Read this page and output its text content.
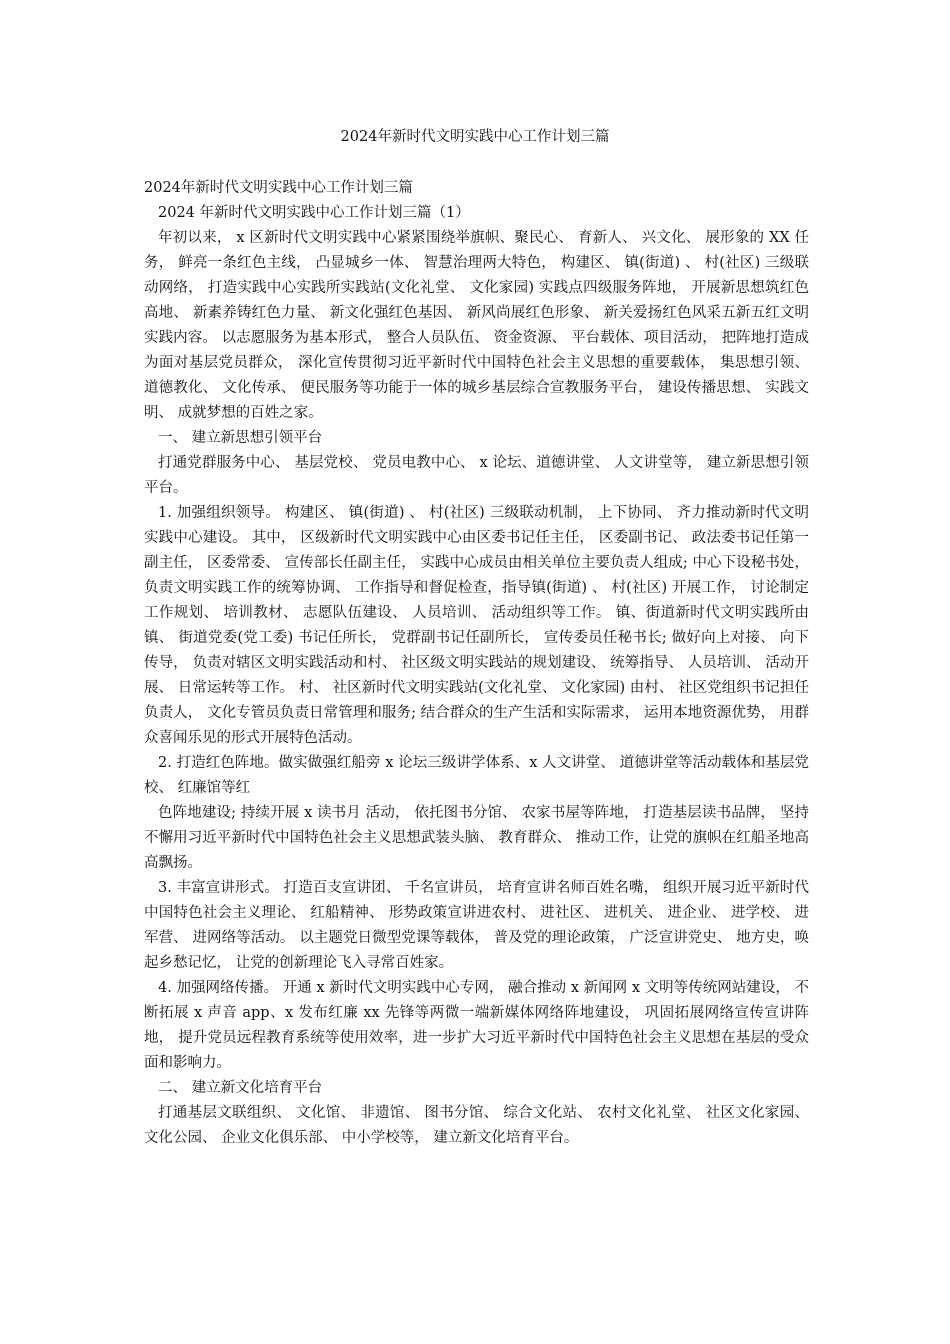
2024年新时代文明实践中心工作计划三篇

2024年新时代文明实践中心工作计划三篇

2024 年新时代文明实践中心工作计划三篇（1）

年初以来， x 区新时代文明实践中心紧紧围绕举旗帜、聚民心、 育新人、 兴文化、 展形象的 XX 任务， 鲜亮一条红色主线， 凸显城乡一体、 智慧治理两大特色， 构建区、 镇(街道) 、 村(社区) 三级联动网络， 打造实践中心实践所实践站(文化礼堂、 文化家园) 实践点四级服务阵地， 开展新思想筑红色高地、 新素养铸红色力量、 新文化强红色基因、 新风尚展红色形象、 新关爱扬红色风采五新五红文明实践内容。 以志愿服务为基本形式， 整合人员队伍、 资金资源、 平台载体、项目活动， 把阵地打造成为面对基层党员群众， 深化宣传贯彻习近平新时代中国特色社会主义思想的重要载体， 集思想引领、 道德教化、 文化传承、 便民服务等功能于一体的城乡基层综合宣教服务平台， 建设传播思想、 实践文明、 成就梦想的百姓之家。

一、 建立新思想引领平台

打通党群服务中心、 基层党校、 党员电教中心、 x 论坛、道德讲堂、 人文讲堂等， 建立新思想引领平台。

1. 加强组织领导。 构建区、 镇(街道) 、 村(社区) 三级联动机制， 上下协同、 齐力推动新时代文明实践中心建设。 其中， 区级新时代文明实践中心由区委书记任主任， 区委副书记、 政法委书记任第一副主任， 区委常委、 宣传部长任副主任， 实践中心成员由相关单位主要负责人组成; 中心下设秘书处， 负责文明实践工作的统筹协调、 工作指导和督促检查，指导镇(街道) 、 村(社区) 开展工作， 讨论制定工作规划、 培训教材、 志愿队伍建设、 人员培训、 活动组织等工作。 镇、街道新时代文明实践所由镇、 街道党委(党工委) 书记任所长， 党群副书记任副所长， 宣传委员任秘书长; 做好向上对接、 向下传导， 负责对辖区文明实践活动和村、 社区级文明实践站的规划建设、 统筹指导、 人员培训、 活动开展、 日常运转等工作。 村、 社区新时代文明实践站(文化礼堂、 文化家园) 由村、 社区党组织书记担任负责人， 文化专管员负责日常管理和服务; 结合群众的生产生活和实际需求， 运用本地资源优势， 用群众喜闻乐见的形式开展特色活动。

2. 打造红色阵地。做实做强红船旁 x 论坛三级讲学体系、x 人文讲堂、 道德讲堂等活动载体和基层党校、 红廉馆等红

色阵地建设; 持续开展 x 读书月 活动， 依托图书分馆、 农家书屋等阵地， 打造基层读书品牌， 坚持不懈用习近平新时代中国特色社会主义思想武装头脑、 教育群众、 推动工作，让党的旗帜在红船圣地高高飘扬。

3. 丰富宣讲形式。 打造百支宣讲团、 千名宣讲员， 培育宣讲名师百姓名嘴， 组织开展习近平新时代中国特色社会主义理论、 红船精神、 形势政策宣讲进农村、 进社区、 进机关、 进企业、 进学校、 进军营、 进网络等活动。 以主题党日微型党课等载体， 普及党的理论政策， 广泛宣讲党史、 地方史，唤起乡愁记忆， 让党的创新理论飞入寻常百姓家。

4. 加强网络传播。 开通 x 新时代文明实践中心专网， 融合推动 x 新闻网 x 文明等传统网站建设， 不断拓展 x 声音 app、x 发布红廉 xx 先锋等两微一端新媒体网络阵地建设， 巩固拓展网络宣传宣讲阵地， 提升党员远程教育系统等使用效率，进一步扩大习近平新时代中国特色社会主义思想在基层的受众面和影响力。

二、 建立新文化培育平台

打通基层文联组织、 文化馆、 非遗馆、 图书分馆、 综合文化站、 农村文化礼堂、 社区文化家园、 文化公园、 企业文化俱乐部、 中小学校等， 建立新文化培育平台。
